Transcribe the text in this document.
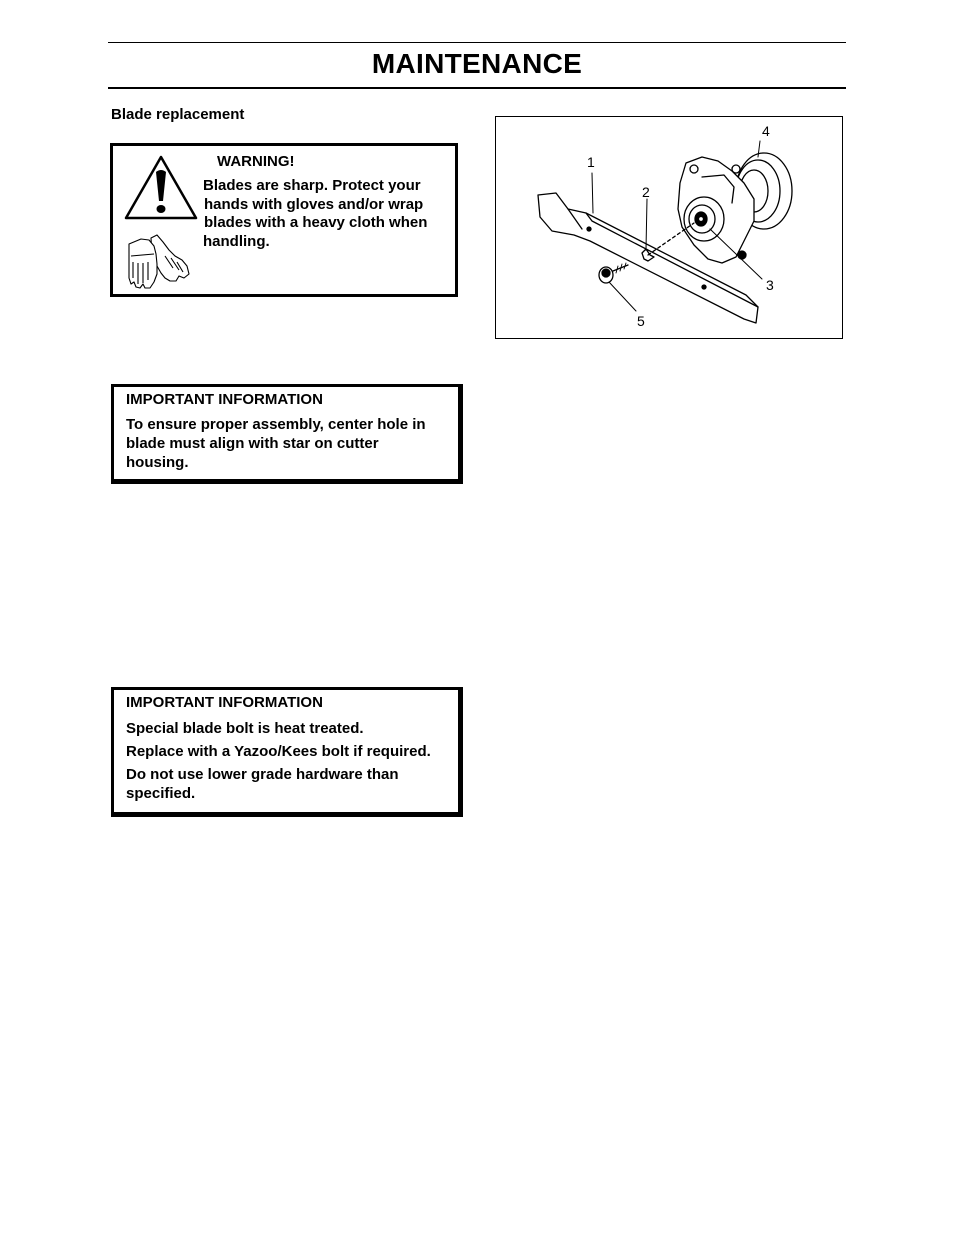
MAINTENANCE
Blade replacement
WARNING!
Blades are sharp. Protect your
hands with gloves and/or wrap
blades with a heavy cloth when
handling.
IMPORTANT INFORMATION
To ensure proper assembly, center hole in
blade must align with star on cutter
housing.
IMPORTANT INFORMATION
Special blade bolt is heat treated.
Replace with a Yazoo/Kees bolt if required.
Do not use lower grade hardware than
specified.
1
2
3
4
5
